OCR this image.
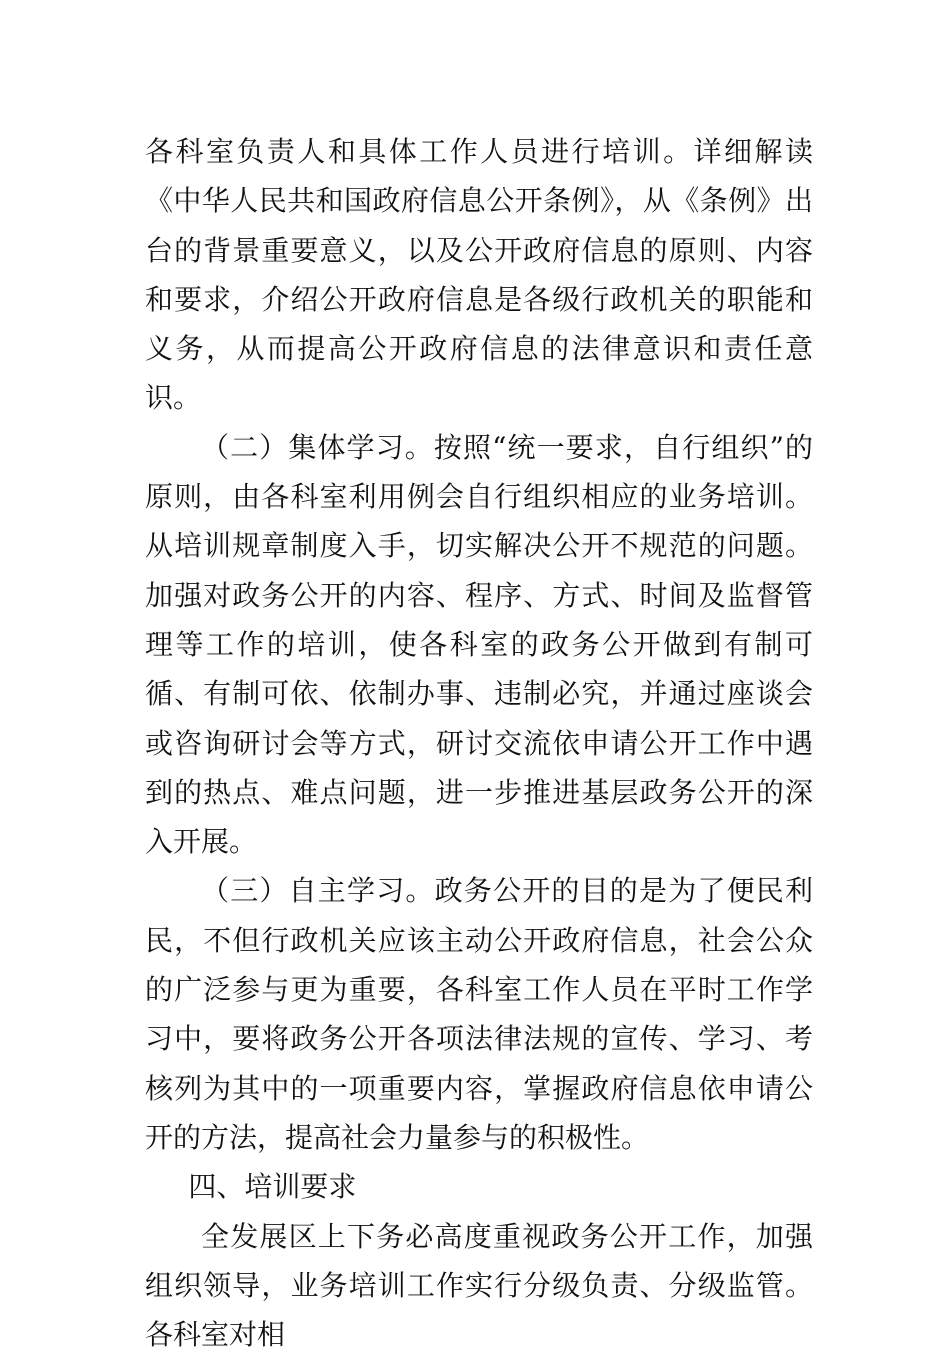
各科室负责人和具体工作人员进行培训。详细解读《中华人民共和国政府信息公开条例》，从《条例》出台的背景重要意义，以及公开政府信息的原则、内容和要求，介绍公开政府信息是各级行政机关的职能和义务，从而提高公开政府信息的法律意识和责任意识。

（二）集体学习。按照“统一要求，自行组织”的原则，由各科室利用例会自行组织相应的业务培训。从培训规章制度入手，切实解决公开不规范的问题。加强对政务公开的内容、程序、方式、时间及监督管理等工作的培训，使各科室的政务公开做到有制可循、有制可依、依制办事、违制必究，并通过座谈会或咨询研讨会等方式，研讨交流依申请公开工作中遇到的热点、难点问题，进一步推进基层政务公开的深入开展。

（三）自主学习。政务公开的目的是为了便民利民，不但行政机关应该主动公开政府信息，社会公众的广泛参与更为重要，各科室工作人员在平时工作学习中，要将政务公开各项法律法规的宣传、学习、考核列为其中的一项重要内容，掌握政府信息依申请公开的方法，提高社会力量参与的积极性。

四、培训要求

全发展区上下务必高度重视政务公开工作，加强组织领导，业务培训工作实行分级负责、分级监管。各科室对相
